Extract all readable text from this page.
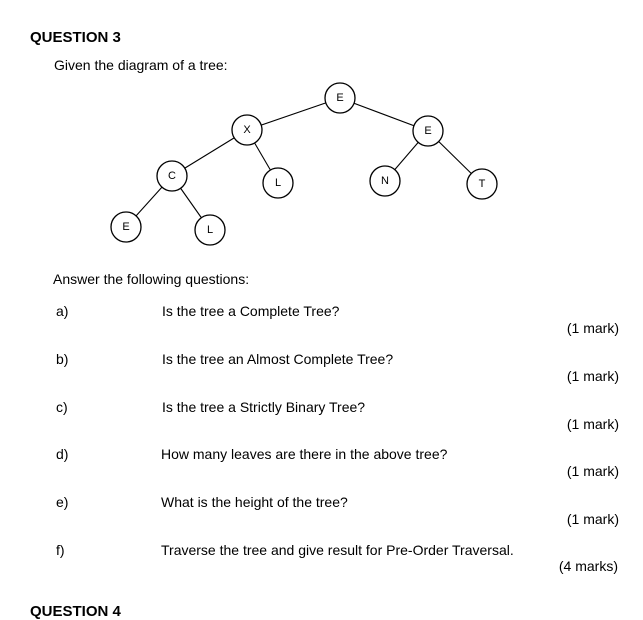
QUESTION 3
Given the diagram of a tree:
E
X	E
C
L	N	T
E	L
Answer the following questions:
a)	Is the tree a Complete Tree?
(1 mark)
b)	Is the tree an Almost Complete Tree?
(1 mark)
c)	Is the tree a Strictly Binary Tree?
(1 mark)
d)	How many leaves are there in the above tree?
(1 mark)
e)	What is the height of the tree?
(1 mark)
f)	Traverse the tree and give result for Pre-Order Traversal.
(4 marks)
QUESTION 4
